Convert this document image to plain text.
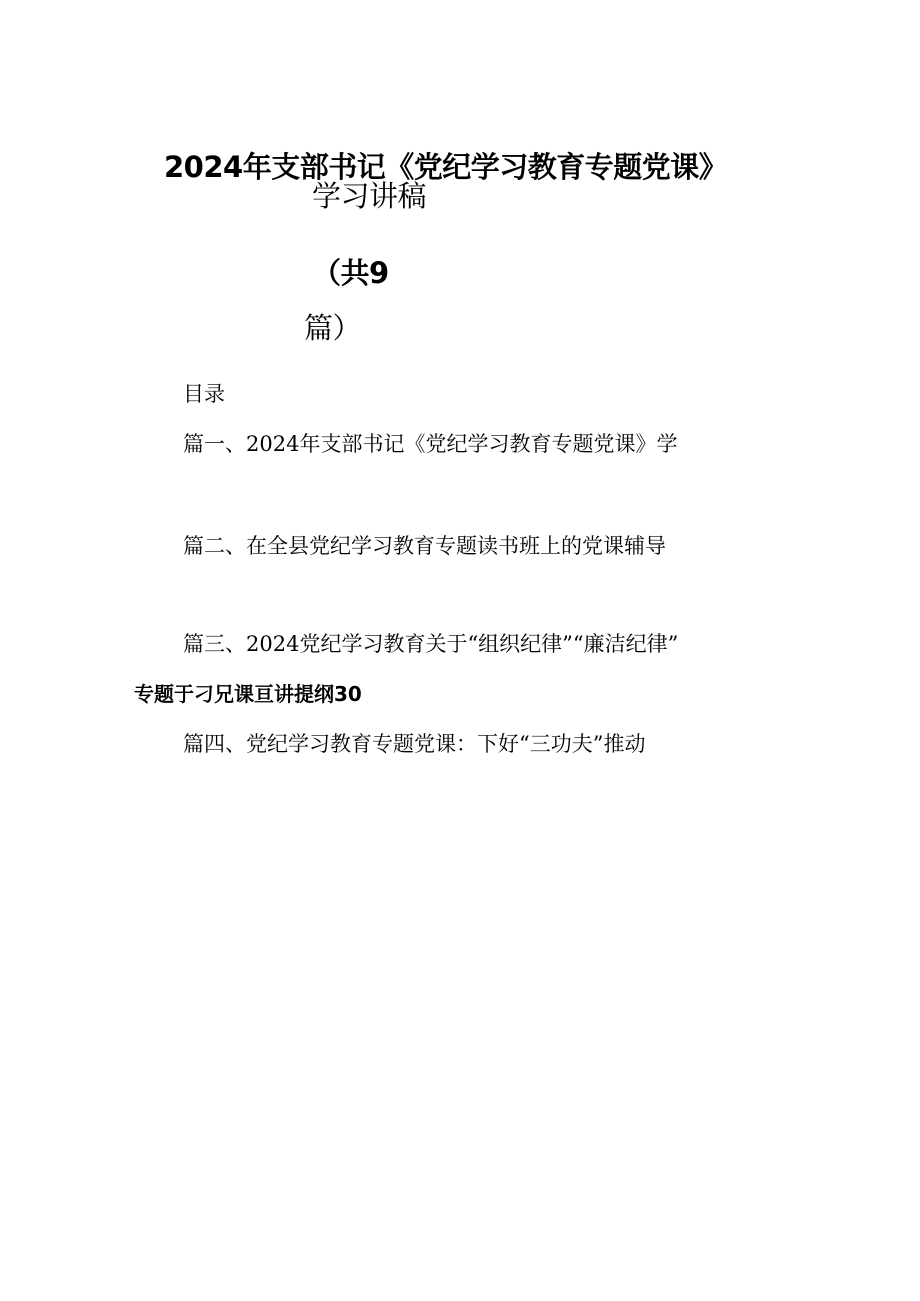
2024年支部书记《党纪学习教育专题党课》
学习讲稿
（共9
篇）
目录
篇一、2024年支部书记《党纪学习教育专题党课》学
篇二、在全县党纪学习教育专题读书班上的党课辅导
篇三、2024党纪学习教育关于“组织纪律”“廉洁纪律”
专题于刁兄课亘讲提纲30
篇四、党纪学习教育专题党课：下好“三功夫”推动
